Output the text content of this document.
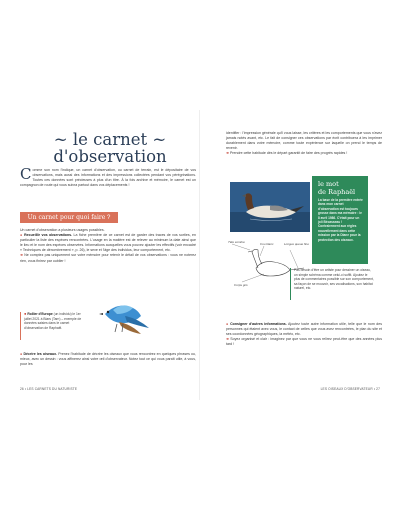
~ le carnet ~
d'observation

Comme son nom l'indique, un carnet d'observation, ou carnet de terrain, est le dépositaire de vos observations, mais aussi des informations et des impressions collectées pendant vos pérégrinations. Toutes ces données sont précieuses à plus d'un titre. À la fois archive et mémoire, le carnet est un compagnon de route qui vous suivra partout dans vos déplacements !

Un carnet pour quoi faire ?

Un carnet d'observation a plusieurs usages possibles.

● Recueillir vos observations. La fiche première de ce carnet est de garder des traces de vos sorties, en particulier la liste des espèces rencontrées. L'usage en la matière est de relever au minimum la date ainsi que le lieu et le nom des espèces observées. Informations auxquelles vous pouvez ajouter les effectifs (voir encadré « Techniques de dénombrement », p. 26), le sexe et l'âge des individus, leur comportement, etc.

➜ Ne comptez pas uniquement sur votre mémoire pour retenir le détail de vos observations : vous ne noterez rien, vous finirez par oublier !

● Rollier d'Europe (un individu) le 1er juillet 2021 à Biars (Tarn) – exemple de données saisies dans le carnet d'observation de Raphaël.

● Décrire les oiseaux. Prenez l'habitude de décrire les oiseaux que vous rencontrez en quelques phrases ou, mieux, avec un dessin : vous affinerez ainsi votre œil d'observateur. Notez tout ce qui vous paraît utile, à vous, pour les

26 • LES CARNETS DU NATURISTE

identifier : l'impression générale qu'il vous laisse, les critères et les comportements que vous n'avez jamais notés avant, etc. Le fait de consigner ces observations par écrit contribuera à les imprimer durablement dans votre mémoire, comme toute expérience sur laquelle on prend le temps de revenir.

➜ Prendre cette habitude dès le départ garantit de faire des progrès rapides !

le mot
de Raphaël
La base de la première entrée dans mon carnet d'observation est toujours grosse dans ma mémoire : le 8 avril 1986. C'était pour un joli Bécasseau ! Contrairement aux règles nouvellement dans cette mission par la Diane pour la protection des oiseaux.
Tête sombre	Cou blanc	Longue queue fine
Corps gris
Pas besoin d'être un artiste pour dessiner un oiseau, un simple schéma comme celui-ci suffit. Ajoutez le plus de commentaires possible sur son comportement, sa façon de se mouvoir, ses vocalisations, son habitat naturel, etc.

● Consigner d'autres informations. Ajoutez toute autre information utile, telle que le nom des personnes qui étaient avec vous, le contact de celles que vous avez rencontrées, le plan du site et ses coordonnées géographiques, la météo, etc.

➜ Soyez organisé et clair : imaginez par que vous ne vous relirez peut-être que des années plus tard !

LES OISEAUX D'OBSERVATEUR • 27
